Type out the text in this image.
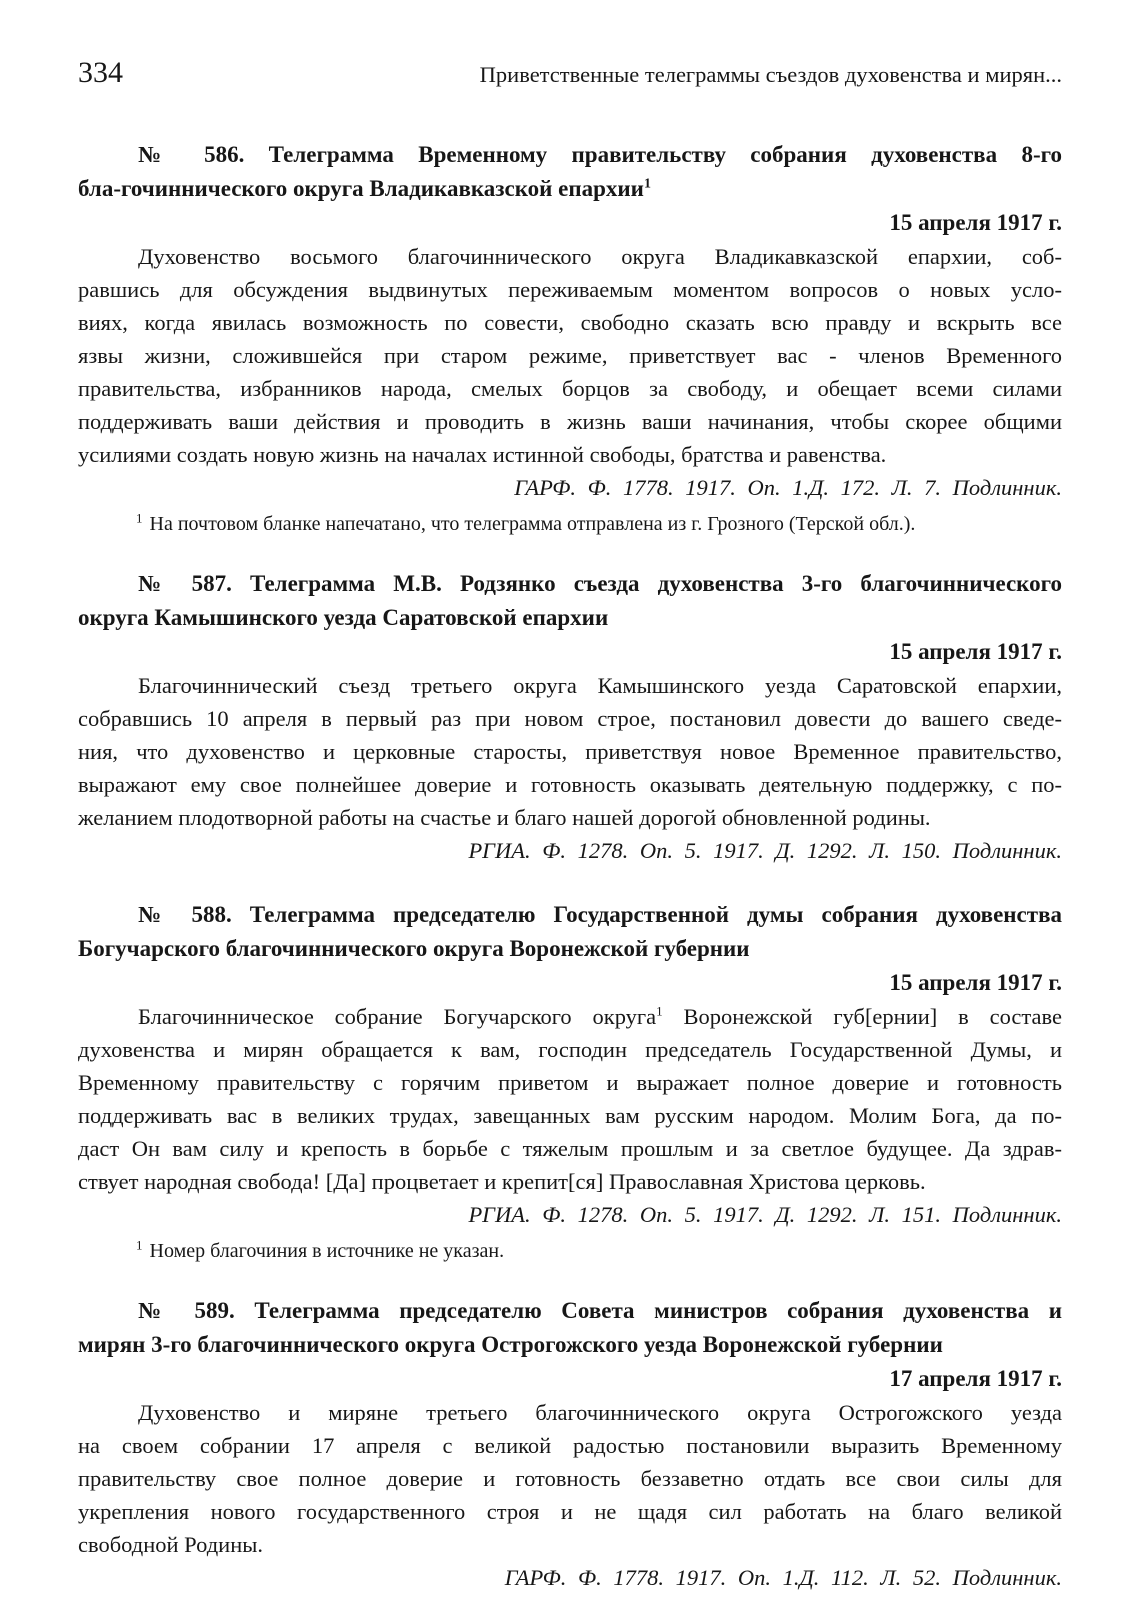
334	Приветственные телеграммы съездов духовенства и мирян...
№ 586. Телеграмма Временному правительству собрания духовенства 8-го
бла-гочиннического округа Владикавказской епархии$^1$
15 апреля 1917 г.
Духовенство восьмого благочиннического округа Владикавказской епархии, соб-
равшись для обсуждения выдвинутых переживаемым моментом вопросов о новых усло-
виях, когда явилась возможность по совести, свободно сказать всю правду и вскрыть все
язвы жизни, сложившейся при старом режиме, приветствует вас - членов Временного
правительства, избранников народа, смелых борцов за свободу, и обещает всеми силами
поддерживать ваши действия и проводить в жизнь ваши начинания, чтобы скорее общими
усилиями создать новую жизнь на началах истинной свободы, братства и равенства.
ГАРФ. Ф. 1778. 1917. Оп. 1.Д. 172. Л. 7. Подлинник.
$^1$ На почтовом бланке напечатано, что телеграмма отправлена из г. Грозного (Терской обл.).
№ 587. Телеграмма М.В. Родзянко съезда духовенства 3-го благочиннического
округа Камышинского уезда Саратовской епархии
15 апреля 1917 г.
Благочиннический съезд третьего округа Камышинского уезда Саратовской епархии,
собравшись 10 апреля в первый раз при новом строе, постановил довести до вашего сведе-
ния, что духовенство и церковные старосты, приветствуя новое Временное правительство,
выражают ему свое полнейшее доверие и готовность оказывать деятельную поддержку, с по-
желанием плодотворной работы на счастье и благо нашей дорогой обновленной родины.
РГИА. Ф. 1278. Оп. 5. 1917. Д. 1292. Л. 150. Подлинник.
№ 588. Телеграмма председателю Государственной думы собрания духовенства
Богучарского благочиннического округа Воронежской губернии
15 апреля 1917 г.
Благочинническое собрание Богучарского округа$^1$ Воронежской губ[ернии] в составе
духовенства и мирян обращается к вам, господин председатель Государственной Думы, и
Временному правительству с горячим приветом и выражает полное доверие и готовность
поддерживать вас в великих трудах, завещанных вам русским народом. Молим Бога, да по-
даст Он вам силу и крепость в борьбе с тяжелым прошлым и за светлое будущее. Да здрав-
ствует народная свобода! [Да] процветает и крепит[ся] Православная Христова церковь.
РГИА. Ф. 1278. Оп. 5. 1917. Д. 1292. Л. 151. Подлинник.
$^1$ Номер благочиния в источнике не указан.
№ 589. Телеграмма председателю Совета министров собрания духовенства и
мирян 3-го благочиннического округа Острогожского уезда Воронежской губернии
17 апреля 1917 г.
Духовенство и миряне третьего благочиннического округа Острогожского уезда
на своем собрании 17 апреля с великой радостью постановили выразить Временному
правительству свое полное доверие и готовность беззаветно отдать все свои силы для
укрепления нового государственного строя и не щадя сил работать на благо великой
свободной Родины.
ГАРФ. Ф. 1778. 1917. Оп. 1.Д. 112. Л. 52. Подлинник.
